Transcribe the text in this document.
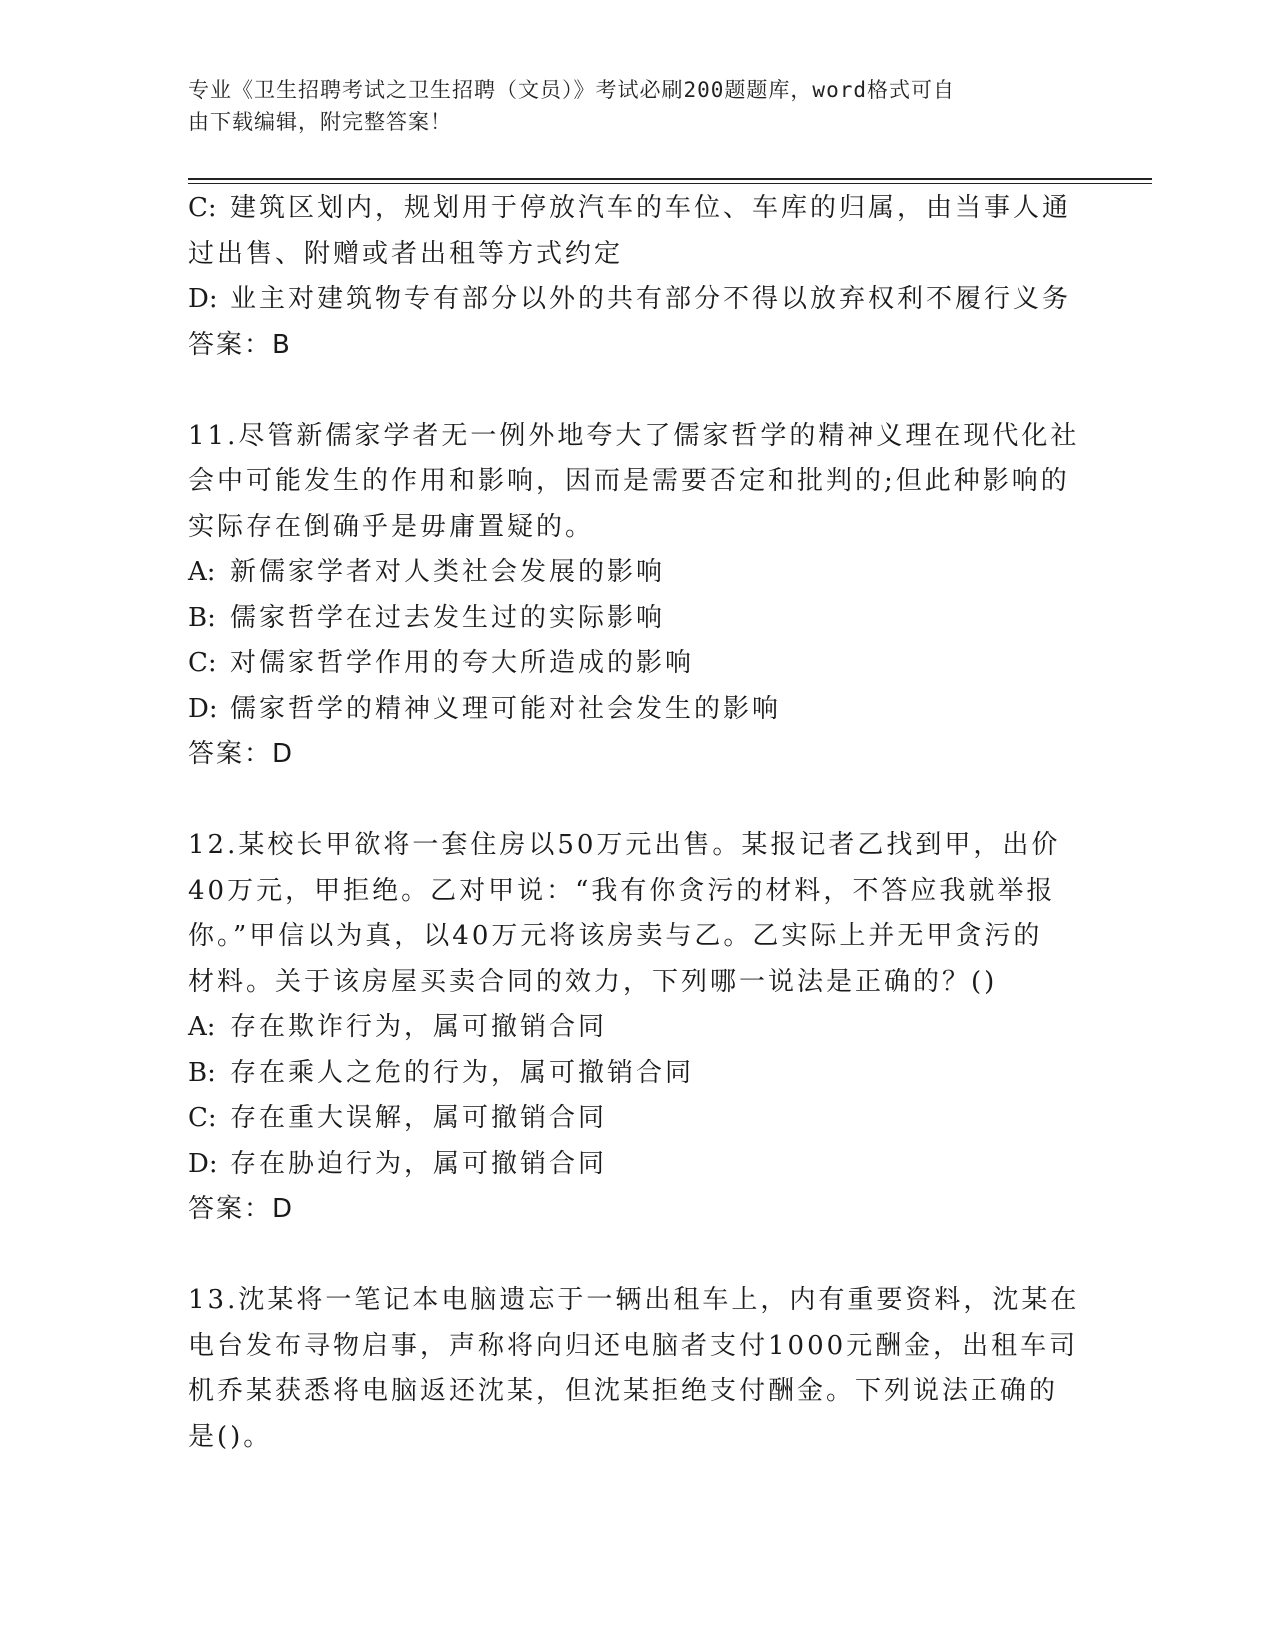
专业《卫生招聘考试之卫生招聘（文员）》考试必刷200题题库，word格式可自
由下载编辑，附完整答案！
C: 建筑区划内，规划用于停放汽车的车位、车库的归属，由当事人通
过出售、附赠或者出租等方式约定
D: 业主对建筑物专有部分以外的共有部分不得以放弃权利不履行义务
答案：B
11.尽管新儒家学者无一例外地夸大了儒家哲学的精神义理在现代化社
会中可能发生的作用和影响，因而是需要否定和批判的;但此种影响的
实际存在倒确乎是毋庸置疑的。
A: 新儒家学者对人类社会发展的影响
B: 儒家哲学在过去发生过的实际影响
C: 对儒家哲学作用的夸大所造成的影响
D: 儒家哲学的精神义理可能对社会发生的影响
答案：D
12.某校长甲欲将一套住房以50万元出售。某报记者乙找到甲，出价
40万元，甲拒绝。乙对甲说：“我有你贪污的材料，不答应我就举报
你。”甲信以为真，以40万元将该房卖与乙。乙实际上并无甲贪污的
材料。关于该房屋买卖合同的效力，下列哪一说法是正确的？()
A: 存在欺诈行为，属可撤销合同
B: 存在乘人之危的行为，属可撤销合同
C: 存在重大误解，属可撤销合同
D: 存在胁迫行为，属可撤销合同
答案：D
13.沈某将一笔记本电脑遗忘于一辆出租车上，内有重要资料，沈某在
电台发布寻物启事，声称将向归还电脑者支付1000元酬金，出租车司
机乔某获悉将电脑返还沈某，但沈某拒绝支付酬金。下列说法正确的
是()。
